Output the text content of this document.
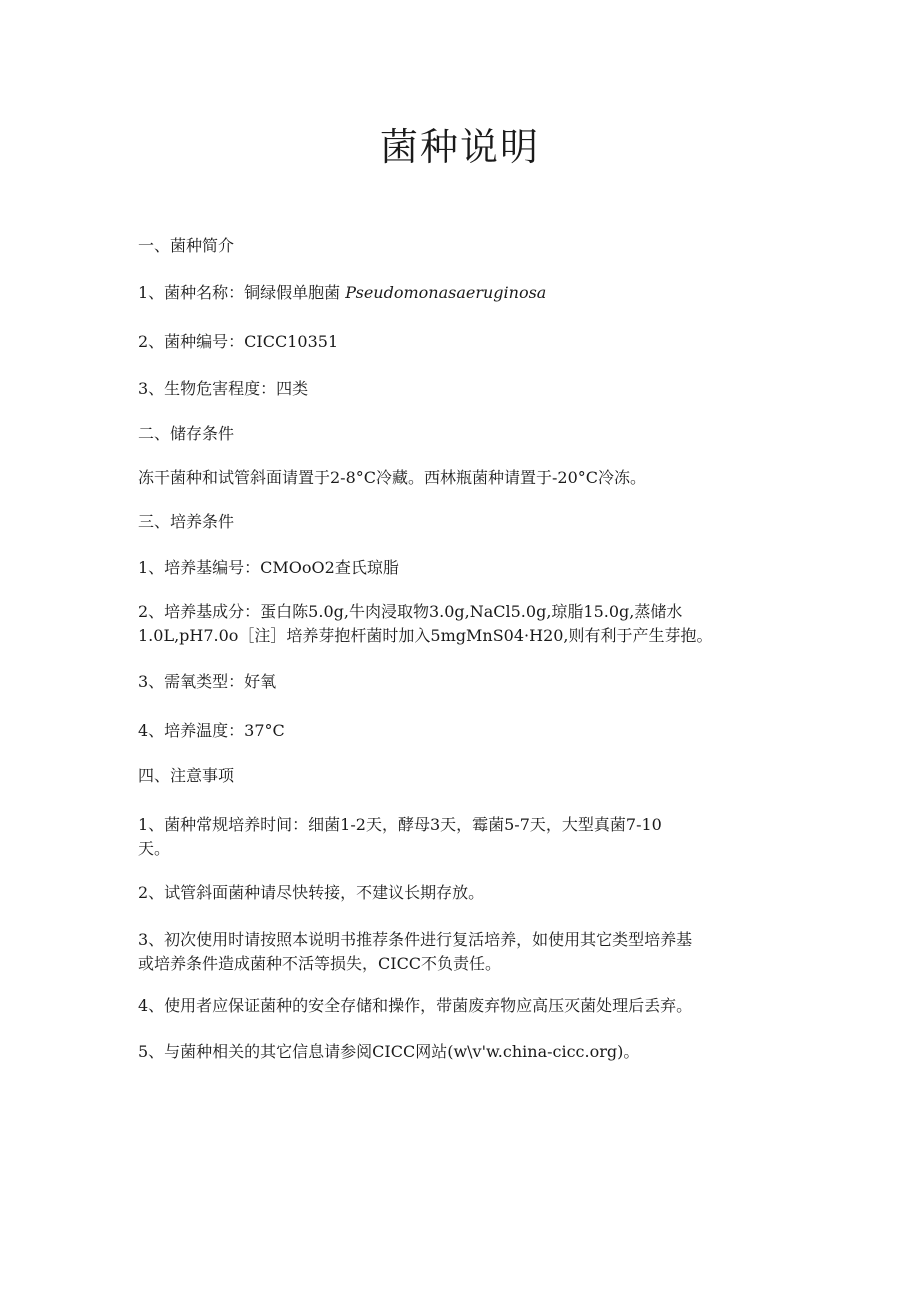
菌种说明
一、菌种简介
1、菌种名称：铜绿假单胞菌 Pseudomonasaeruginosa
2、菌种编号：CICC10351
3、生物危害程度：四类
二、储存条件
冻干菌种和试管斜面请置于2-8°C冷藏。西林瓶菌种请置于-20°C冷冻。
三、培养条件
1、培养基编号：CMOoO2查氏琼脂
2、培养基成分：蛋白陈5.0g,牛肉浸取物3.0g,NaCl5.0g,琼脂15.0g,蒸储水
1.0L,pH7.0o［注］培养芽抱杆菌时加入5mgMnS04·H20,则有利于产生芽抱。
3、需氧类型：好氧
4、培养温度：37°C
四、注意事项
1、菌种常规培养时间：细菌1-2天，酵母3天，霉菌5-7天，大型真菌7-10
天。
2、试管斜面菌种请尽快转接，不建议长期存放。
3、初次使用时请按照本说明书推荐条件进行复活培养，如使用其它类型培养基
或培养条件造成菌种不活等损失，CICC不负责任。
4、使用者应保证菌种的安全存储和操作，带菌废弃物应高压灭菌处理后丢弃。
5、与菌种相关的其它信息请参阅CICC网站(w\v'w.china-cicc.org)。
